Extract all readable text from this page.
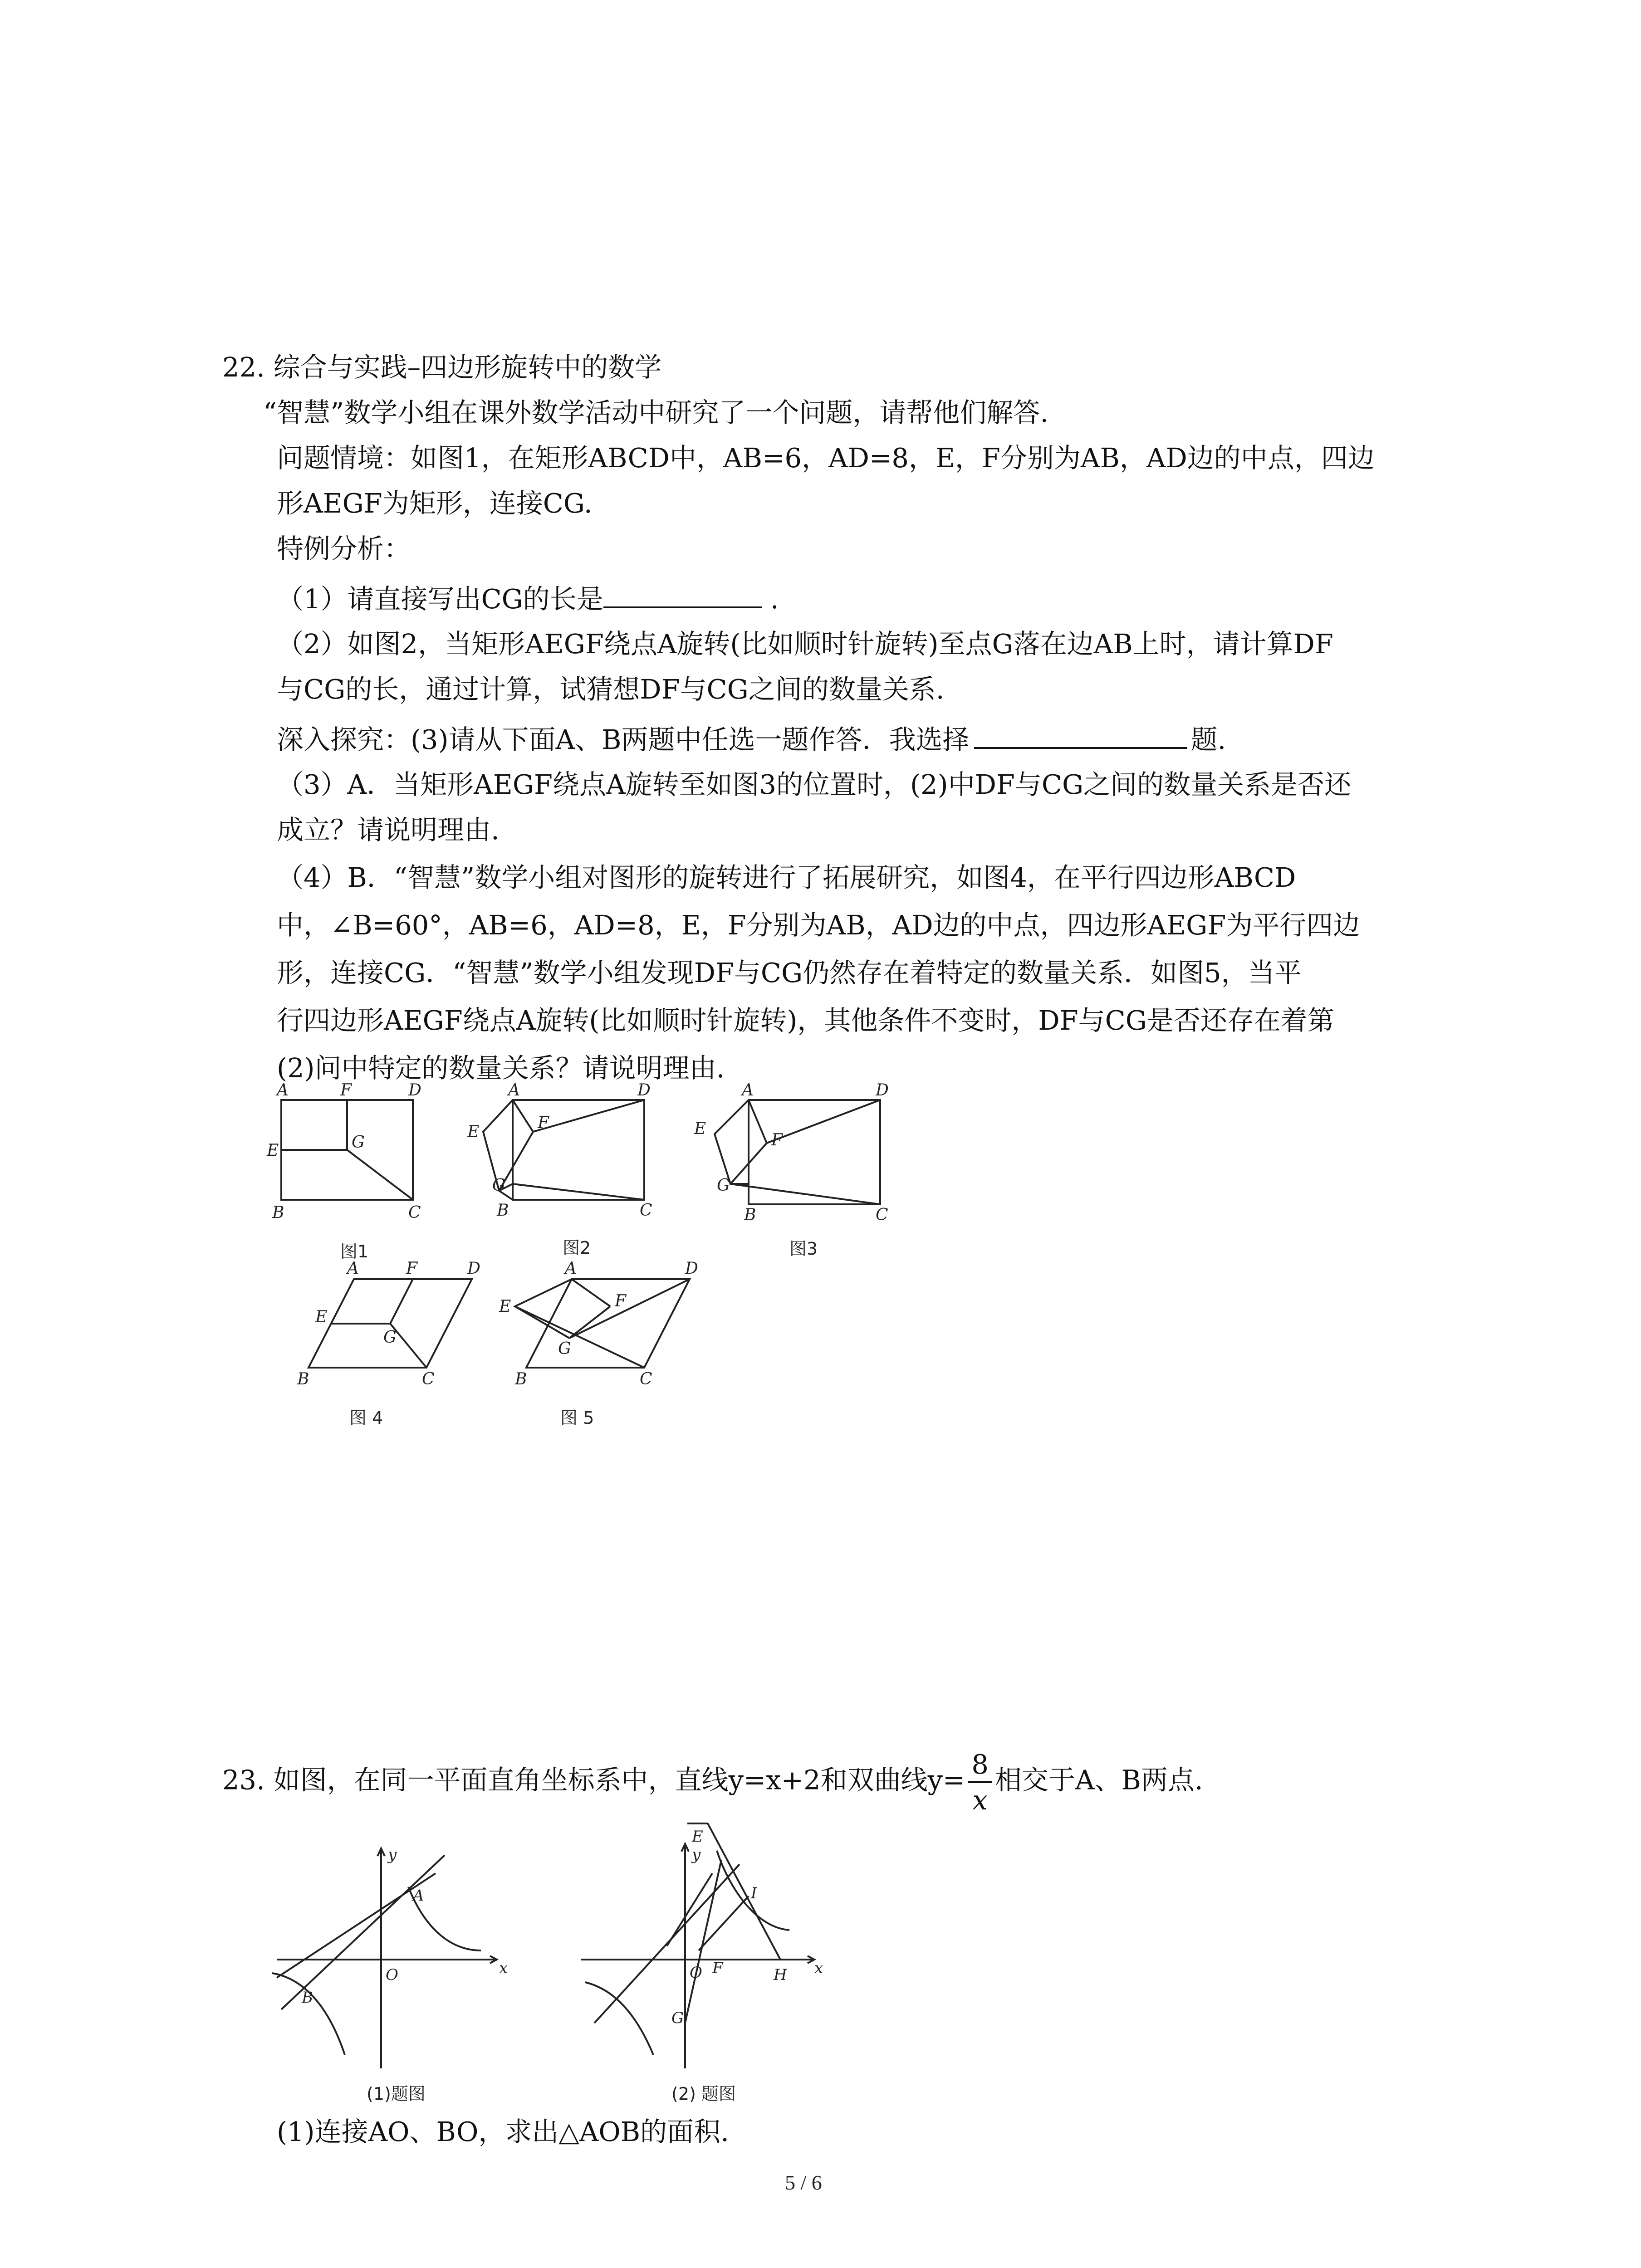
22. 综合与实践–四边形旋转中的数学
“智慧”数学小组在课外数学活动中研究了一个问题，请帮他们解答.
问题情境：如图1，在矩形ABCD中，AB=6，AD=8，E，F分别为AB，AD边的中点，四边
形AEGF为矩形，连接CG.
特例分析：
（1）请直接写出CG的长是	.
（2）如图2，当矩形AEGF绕点A旋转(比如顺时针旋转)至点G落在边AB上时，请计算DF
与CG的长，通过计算，试猜想DF与CG之间的数量关系.
深入探究：(3)请从下面A、B两题中任选一题作答．我选择	题.
（3）A．当矩形AEGF绕点A旋转至如图3的位置时，(2)中DF与CG之间的数量关系是否还
成立？请说明理由.
（4）B．“智慧”数学小组对图形的旋转进行了拓展研究，如图4，在平行四边形ABCD
中，∠B=60°，AB=6，AD=8，E，F分别为AB，AD边的中点，四边形AEGF为平行四边
形，连接CG．“智慧”数学小组发现DF与CG仍然存在着特定的数量关系．如图5，当平
行四边形AEGF绕点A旋转(比如顺时针旋转)，其他条件不变时，DF与CG是否还存在着第
(2)问中特定的数量关系？请说明理由.
A	F	D
E	G
B	C
图1
A	D
E	F
G
B	C
图2
A	D
E
F
G
B	C
图3
A	F	D
E
G
B	C
图 4
A	D
E	F
G
B	C
图 5
23. 如图，在同一平面直角坐标系中，直线y=x+2和双曲线$y= \frac{8}{x}$ 相交于A、B两点.
y
A
B
O	x
(1)题图
E
y
I
O F	H x
G
(2) 题图
(1)连接AO、BO，求出△AOB的面积.
5 / 6
